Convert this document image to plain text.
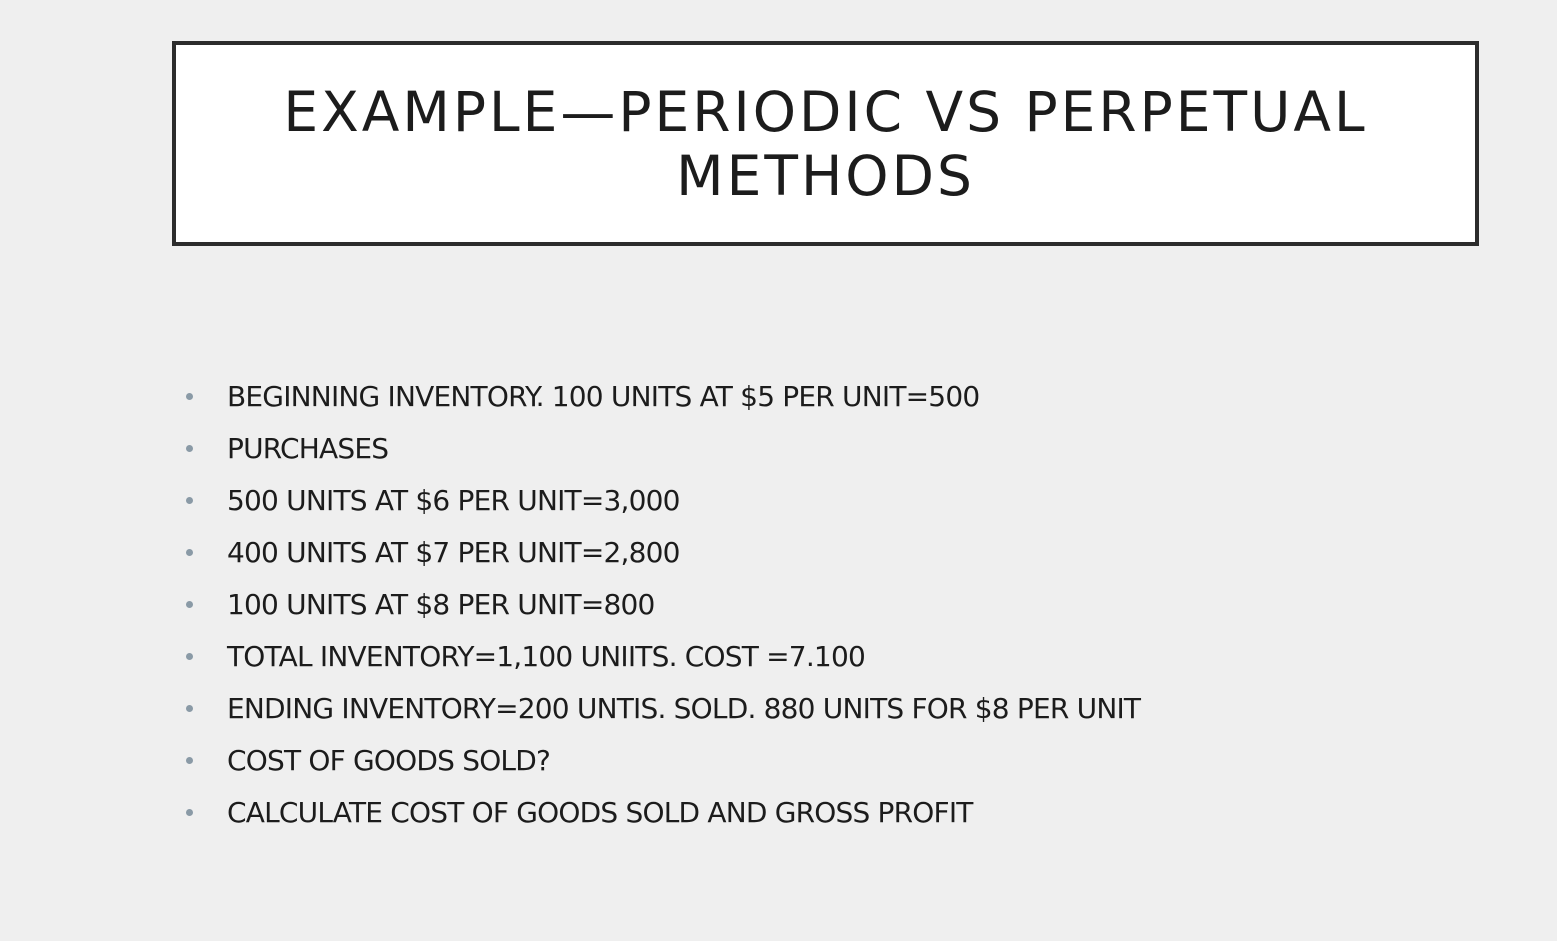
EXAMPLE—PERIODIC VS PERPETUAL
METHODS
BEGINNING INVENTORY. 100 UNITS AT $5 PER UNIT=500
PURCHASES
500 UNITS AT $6 PER UNIT=3,000
400 UNITS AT $7 PER UNIT=2,800
100 UNITS AT $8 PER UNIT=800
TOTAL INVENTORY=1,100 UNIITS. COST =7.100
ENDING INVENTORY=200 UNTIS. SOLD. 880 UNITS FOR $8 PER UNIT
COST OF GOODS SOLD?
CALCULATE COST OF GOODS SOLD AND GROSS PROFIT
